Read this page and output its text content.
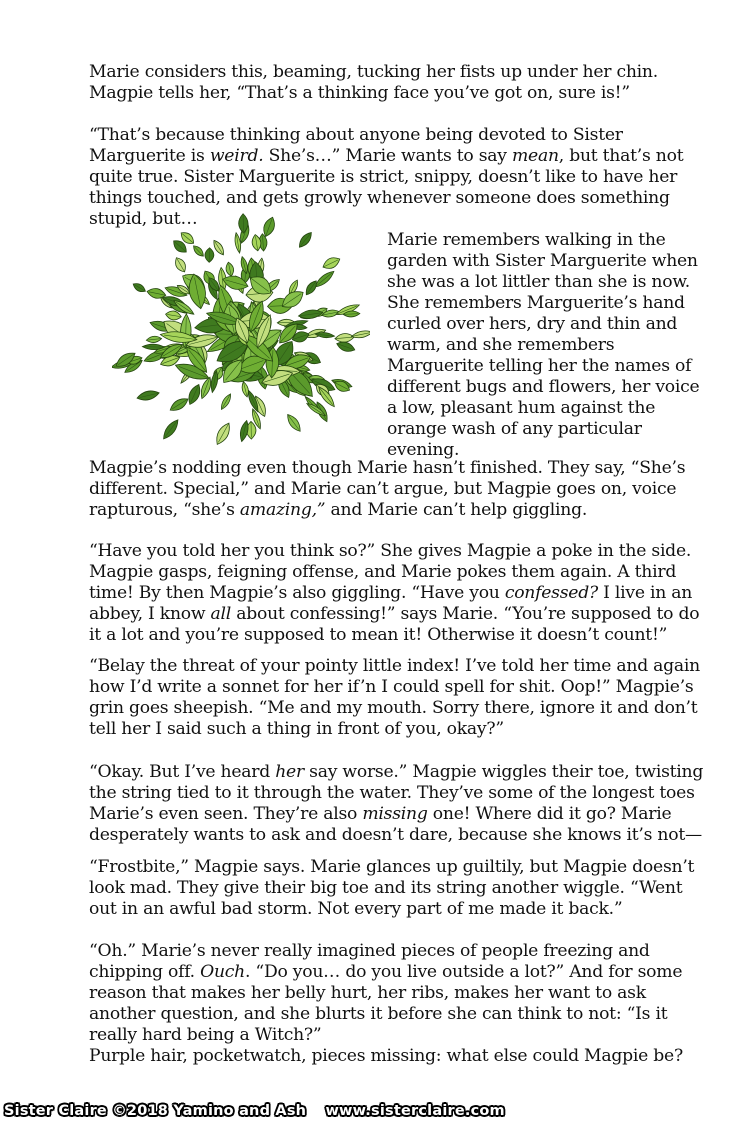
Marie considers this, beaming, tucking her fists up under her chin. Magpie tells her, “That’s a thinking face you’ve got on, sure is!”

“That’s because thinking about anyone being devoted to Sister Marguerite is weird. She’s…” Marie wants to say mean, but that’s not quite true. Sister Marguerite is strict, snippy, doesn’t like to have her things touched, and gets growly whenever someone does something stupid, but…

Marie remembers walking in the garden with Sister Marguerite when she was a lot littler than she is now. She remembers Marguerite’s hand curled over hers, dry and thin and warm, and she remembers Marguerite telling her the names of different bugs and flowers, her voice a low, pleasant hum against the orange wash of any particular evening.

Magpie’s nodding even though Marie hasn’t finished. They say, “She’s different. Special,” and Marie can’t argue, but Magpie goes on, voice rapturous, “she’s amazing,” and Marie can’t help giggling.

“Have you told her you think so?” She gives Magpie a poke in the side. Magpie gasps, feigning offense, and Marie pokes them again. A third time! By then Magpie’s also giggling. “Have you confessed? I live in an abbey, I know all about confessing!” says Marie. “You’re supposed to do it a lot and you’re supposed to mean it! Otherwise it doesn’t count!”

“Belay the threat of your pointy little index! I’ve told her time and again how I’d write a sonnet for her if’n I could spell for shit. Oop!” Magpie’s grin goes sheepish. “Me and my mouth. Sorry there, ignore it and don’t tell her I said such a thing in front of you, okay?”

“Okay. But I’ve heard her say worse.” Magpie wiggles their toe, twisting the string tied to it through the water. They’ve some of the longest toes Marie’s even seen. They’re also missing one! Where did it go? Marie desperately wants to ask and doesn’t dare, because she knows it’s not—

“Frostbite,” Magpie says. Marie glances up guiltily, but Magpie doesn’t look mad. They give their big toe and its string another wiggle. “Went out in an awful bad storm. Not every part of me made it back.”

“Oh.” Marie’s never really imagined pieces of people freezing and chipping off. Ouch. “Do you… do you live outside a lot?” And for some reason that makes her belly hurt, her ribs, makes her want to ask another question, and she blurts it before she can think to not: “Is it really hard being a Witch?”

Purple hair, pocketwatch, pieces missing: what else could Magpie be?

Sister Claire ©2018 Yamino and Ash www.sisterclaire.com
